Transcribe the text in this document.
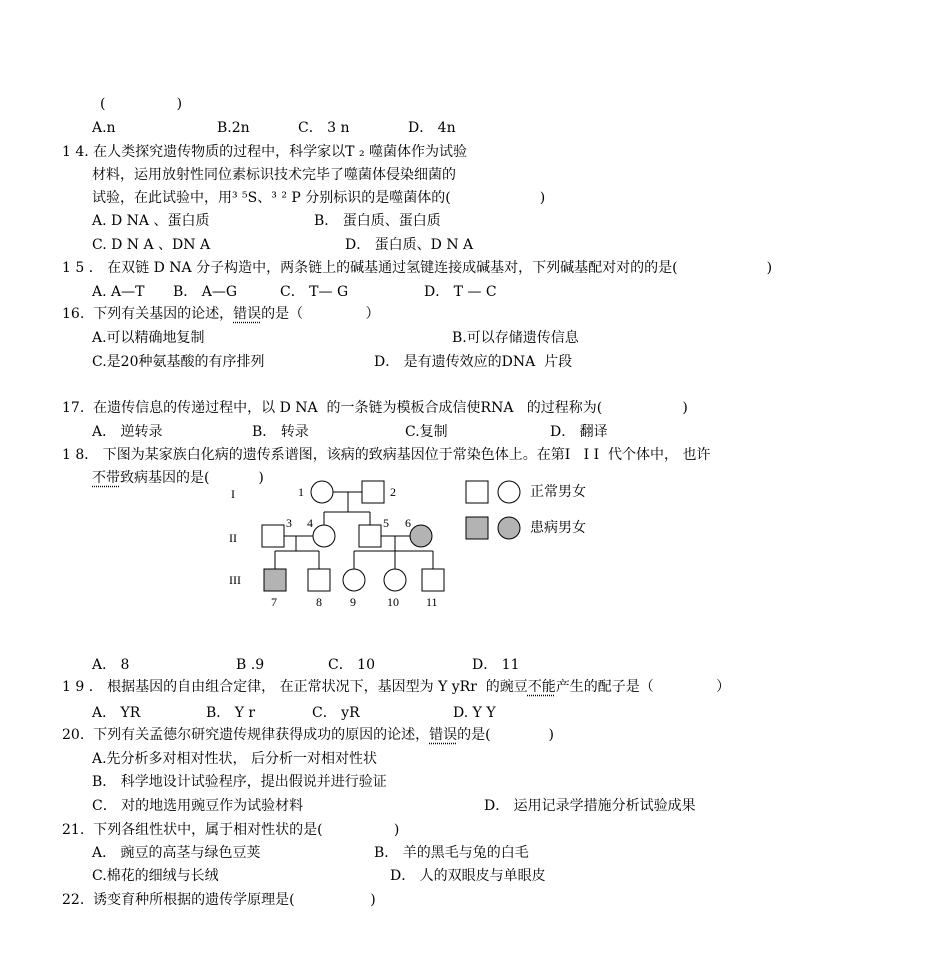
(                )
A.n	B.2n	C． 3 n	D． 4n
1 4. 在人类探究遗传物质的过程中，科学家以T ₂ 噬菌体作为试验
材料，运用放射性同位素标识技术完毕了噬菌体侵染细菌的
试验，在此试验中，用³ ⁵S、³ ² P 分别标识的是噬菌体的(                    )
A. D NA 、蛋白质	B． 蛋白质、蛋白质
C. D N A 、DN A	D． 蛋白质、D N A
1 5 ． 在双链 D NA 分子构造中，两条链上的碱基通过氢键连接成碱基对，下列碱基配对对的的是(                    )
A. A—T B． A—G	C． T— G	D． T — C
16.  下列有关基因的论述，错误的是（              ）
A.可以精确地复制	B.可以存储遗传信息
C.是20种氨基酸的有序排列	D． 是有遗传效应的DNA  片段
17.  在遗传信息的传递过程中，以 D NA  的一条链为模板合成信使RNA   的过程称为(                  )
A． 逆转录	B． 转录	C.复制	D． 翻译
1 8． 下图为某家族白化病的遗传系谱图，该病的致病基因位于常染色体上。在第I   I I  代个体中， 也许
不带致病基因的是(           )
I
II
III
1	2
3 4	5 6
7	8 9	10 11
正常男女
患病男女
A． 8	B .9	C． 10	D． 11
1 9 ． 根据基因的自由组合定律， 在正常状况下，基因型为 Y yRr  的豌豆不能产生的配子是（              ）
A． YR	B． Y r	C． yR	D. Y Y
20.  下列有关孟德尔研究遗传规律获得成功的原因的论述，错误的是(             )
A.先分析多对相对性状， 后分析一对相对性状
B． 科学地设计试验程序，提出假说并进行验证
C． 对的地选用豌豆作为试验材料	D． 运用记录学措施分析试验成果
21.  下列各组性状中，属于相对性状的是(                )
A． 豌豆的高茎与绿色豆荚	B． 羊的黑毛与兔的白毛
C.棉花的细绒与长绒	D． 人的双眼皮与单眼皮
22.  诱变育种所根据的遗传学原理是(                 )
